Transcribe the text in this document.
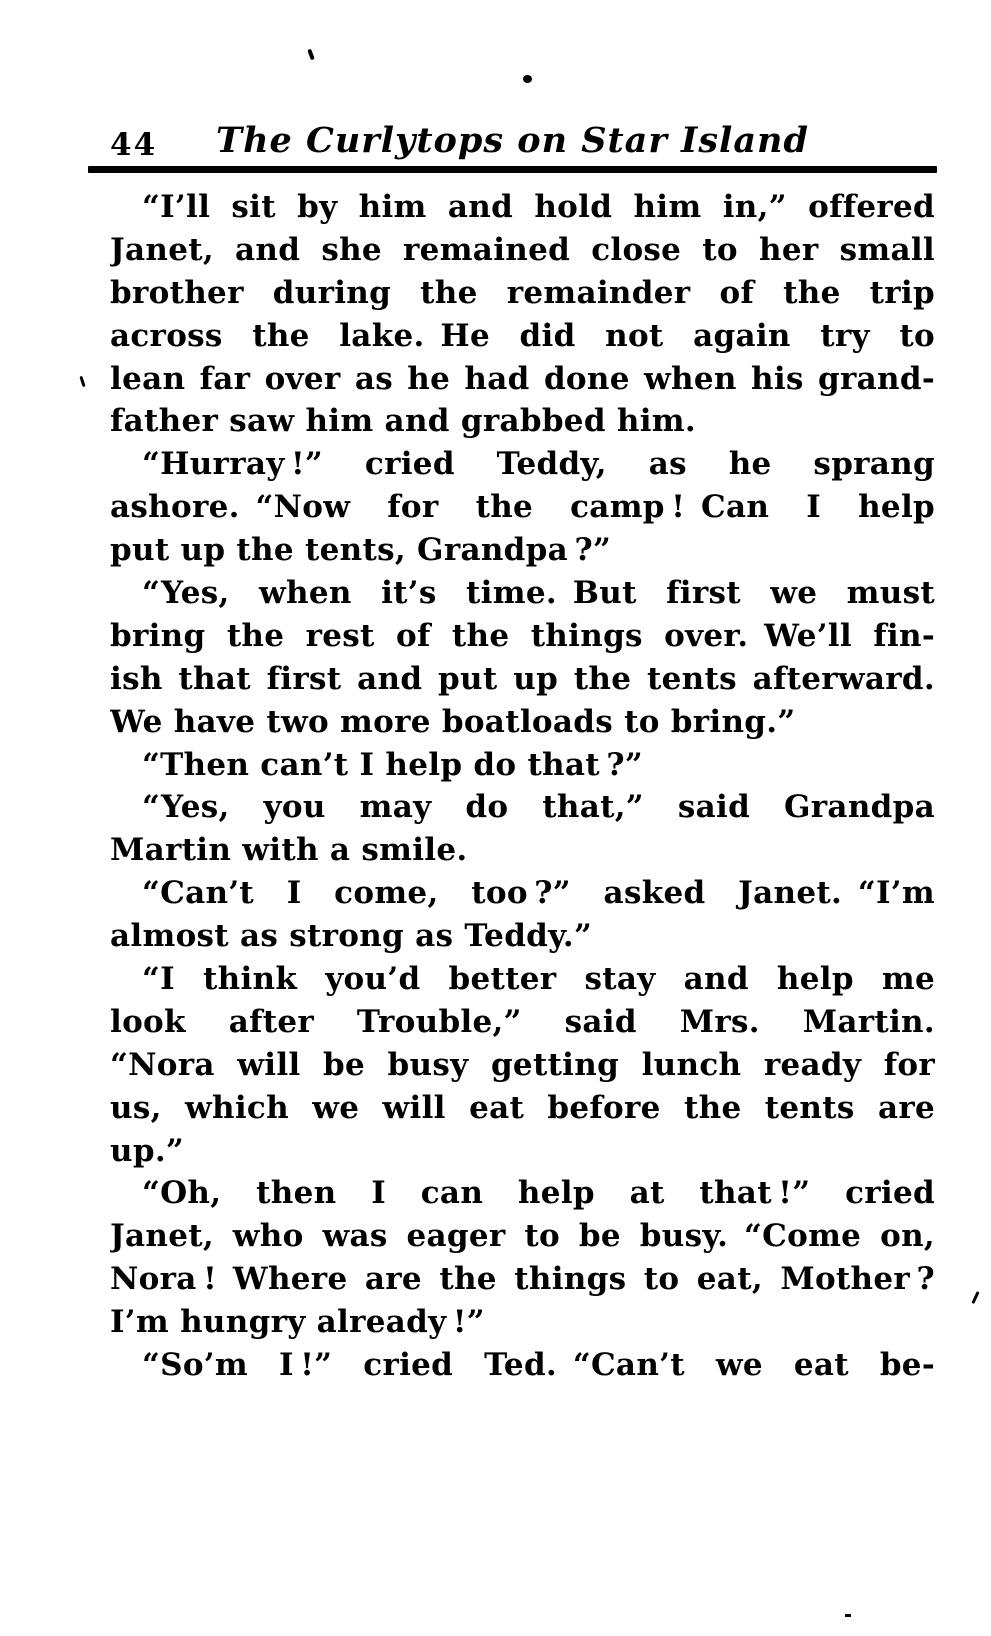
44	The Curlytops on Star Island
“I’ll sit by him and hold him in,” offered
Janet, and she remained close to her small
brother during the remainder of the trip
across the lake. He did not again try to
lean far over as he had done when his grand-
father saw him and grabbed him.
“Hurray !” cried Teddy, as he sprang
ashore. “Now for the camp ! Can I help
put up the tents, Grandpa ?”
“Yes, when it’s time. But first we must
bring the rest of the things over. We’ll fin-
ish that first and put up the tents afterward.
We have two more boatloads to bring.”
“Then can’t I help do that ?”
“Yes, you may do that,” said Grandpa
Martin with a smile.
“Can’t I come, too ?” asked Janet. “I’m
almost as strong as Teddy.”
“I think you’d better stay and help me
look after Trouble,” said Mrs. Martin.
“Nora will be busy getting lunch ready for
us, which we will eat before the tents are
up.”
“Oh, then I can help at that !” cried
Janet, who was eager to be busy. “Come on,
Nora ! Where are the things to eat, Mother ?
I’m hungry already !”
“So’m I !” cried Ted. “Can’t we eat be-
